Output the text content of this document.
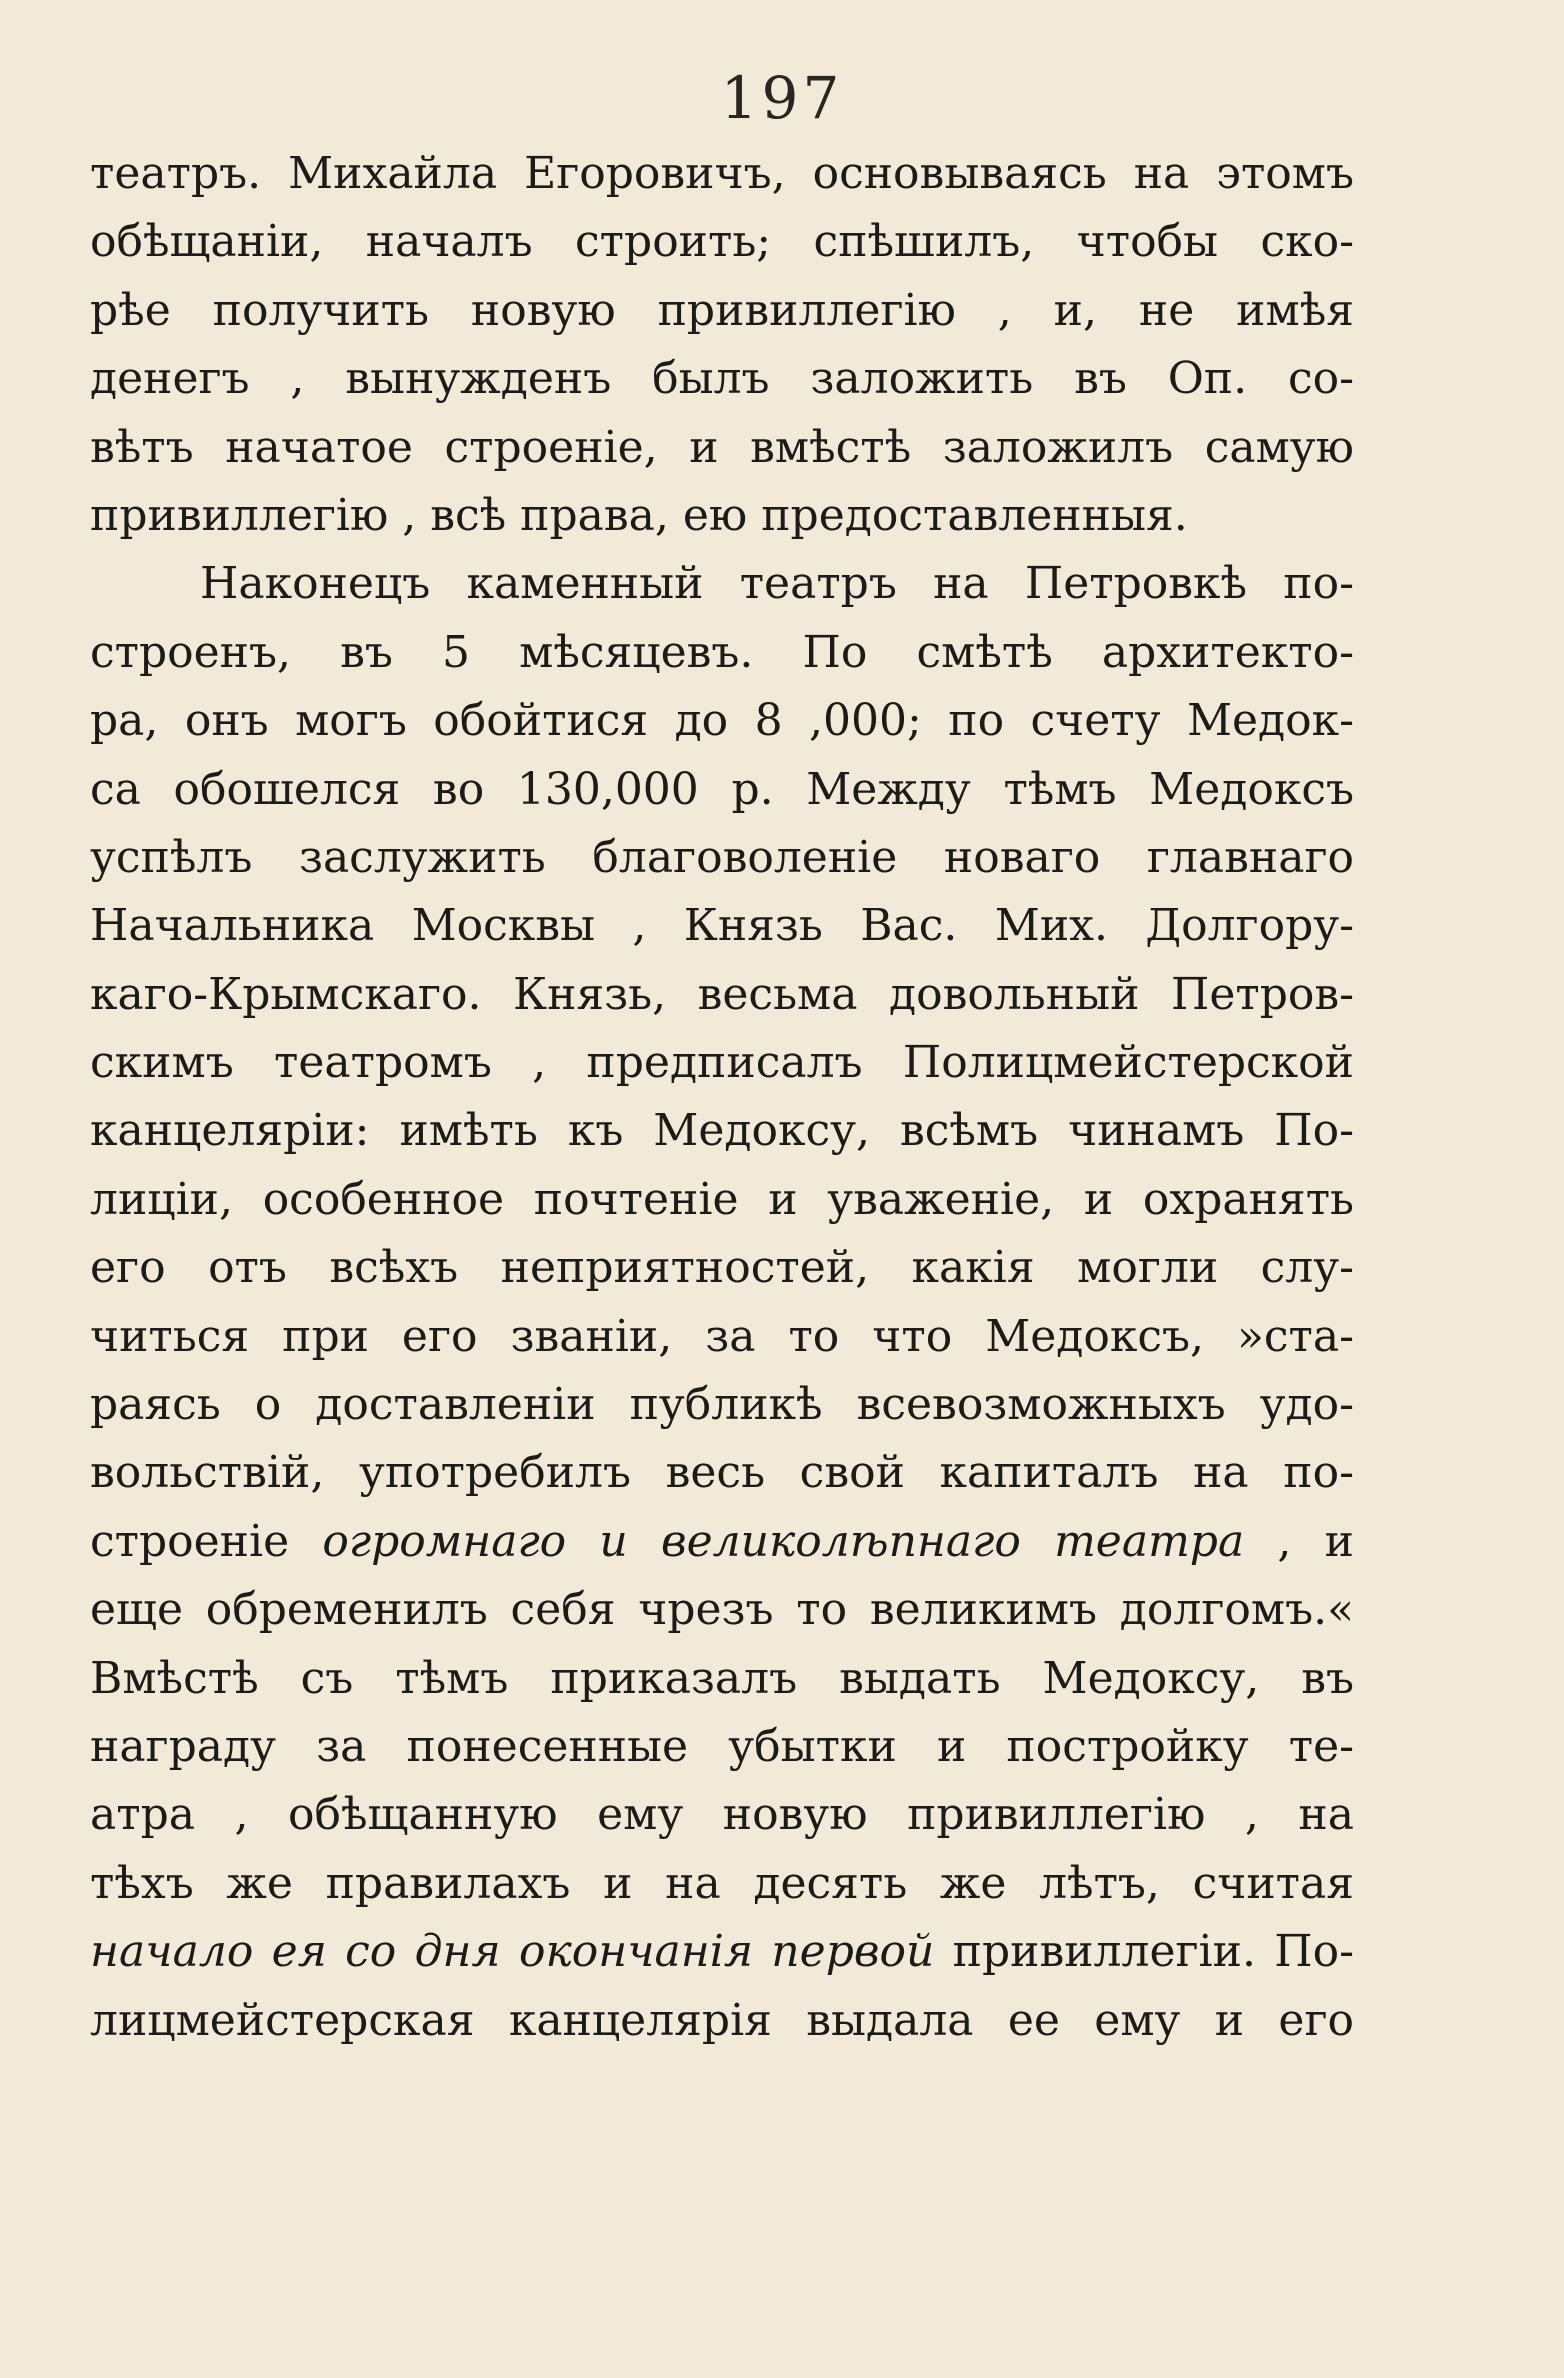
197
театръ. Михайла Егоровичъ, основываясь на этомъ
обѣщаніи, началъ строить; спѣшилъ, чтобы ско-
рѣе получить новую привиллегію , и, не имѣя
денегъ , вынужденъ былъ заложить въ Оп. со-
вѣтъ начатое строеніе, и вмѣстѣ заложилъ самую
привиллегію , всѣ права, ею предоставленныя.
Наконецъ каменный театръ на Петровкѣ по-
строенъ, въ 5 мѣсяцевъ. По смѣтѣ архитекто-
ра, онъ могъ обойтися до 8 ,000; по счету Медок-
са обошелся во 130,000 р. Между тѣмъ Медоксъ
успѣлъ заслужить благоволеніе новаго главнаго
Начальника Москвы , Князь Вас. Мих. Долгору-
каго-Крымскаго. Князь, весьма довольный Петров-
скимъ театромъ , предписалъ Полицмейстерской
канцеляріи: имѣть къ Медоксу, всѣмъ чинамъ По-
лиціи, особенное почтеніе и уваженіе, и охранять
его отъ всѣхъ неприятностей, какія могли слу-
читься при его званіи, за то что Медоксъ, »ста-
раясь о доставленіи публикѣ всевозможныхъ удо-
вольствій, употребилъ весь свой капиталъ на по-
строеніе огромнаго и великолѣпнаго театра , и
еще обременилъ себя чрезъ то великимъ долгомъ.«
Вмѣстѣ съ тѣмъ приказалъ выдать Медоксу, въ
награду за понесенные убытки и постройку те-
атра , обѣщанную ему новую привиллегію , на
тѣхъ же правилахъ и на десять же лѣтъ, считая
начало ея со дня окончанія первой привиллегіи. По-
лицмейстерская канцелярія выдала ее ему и его
